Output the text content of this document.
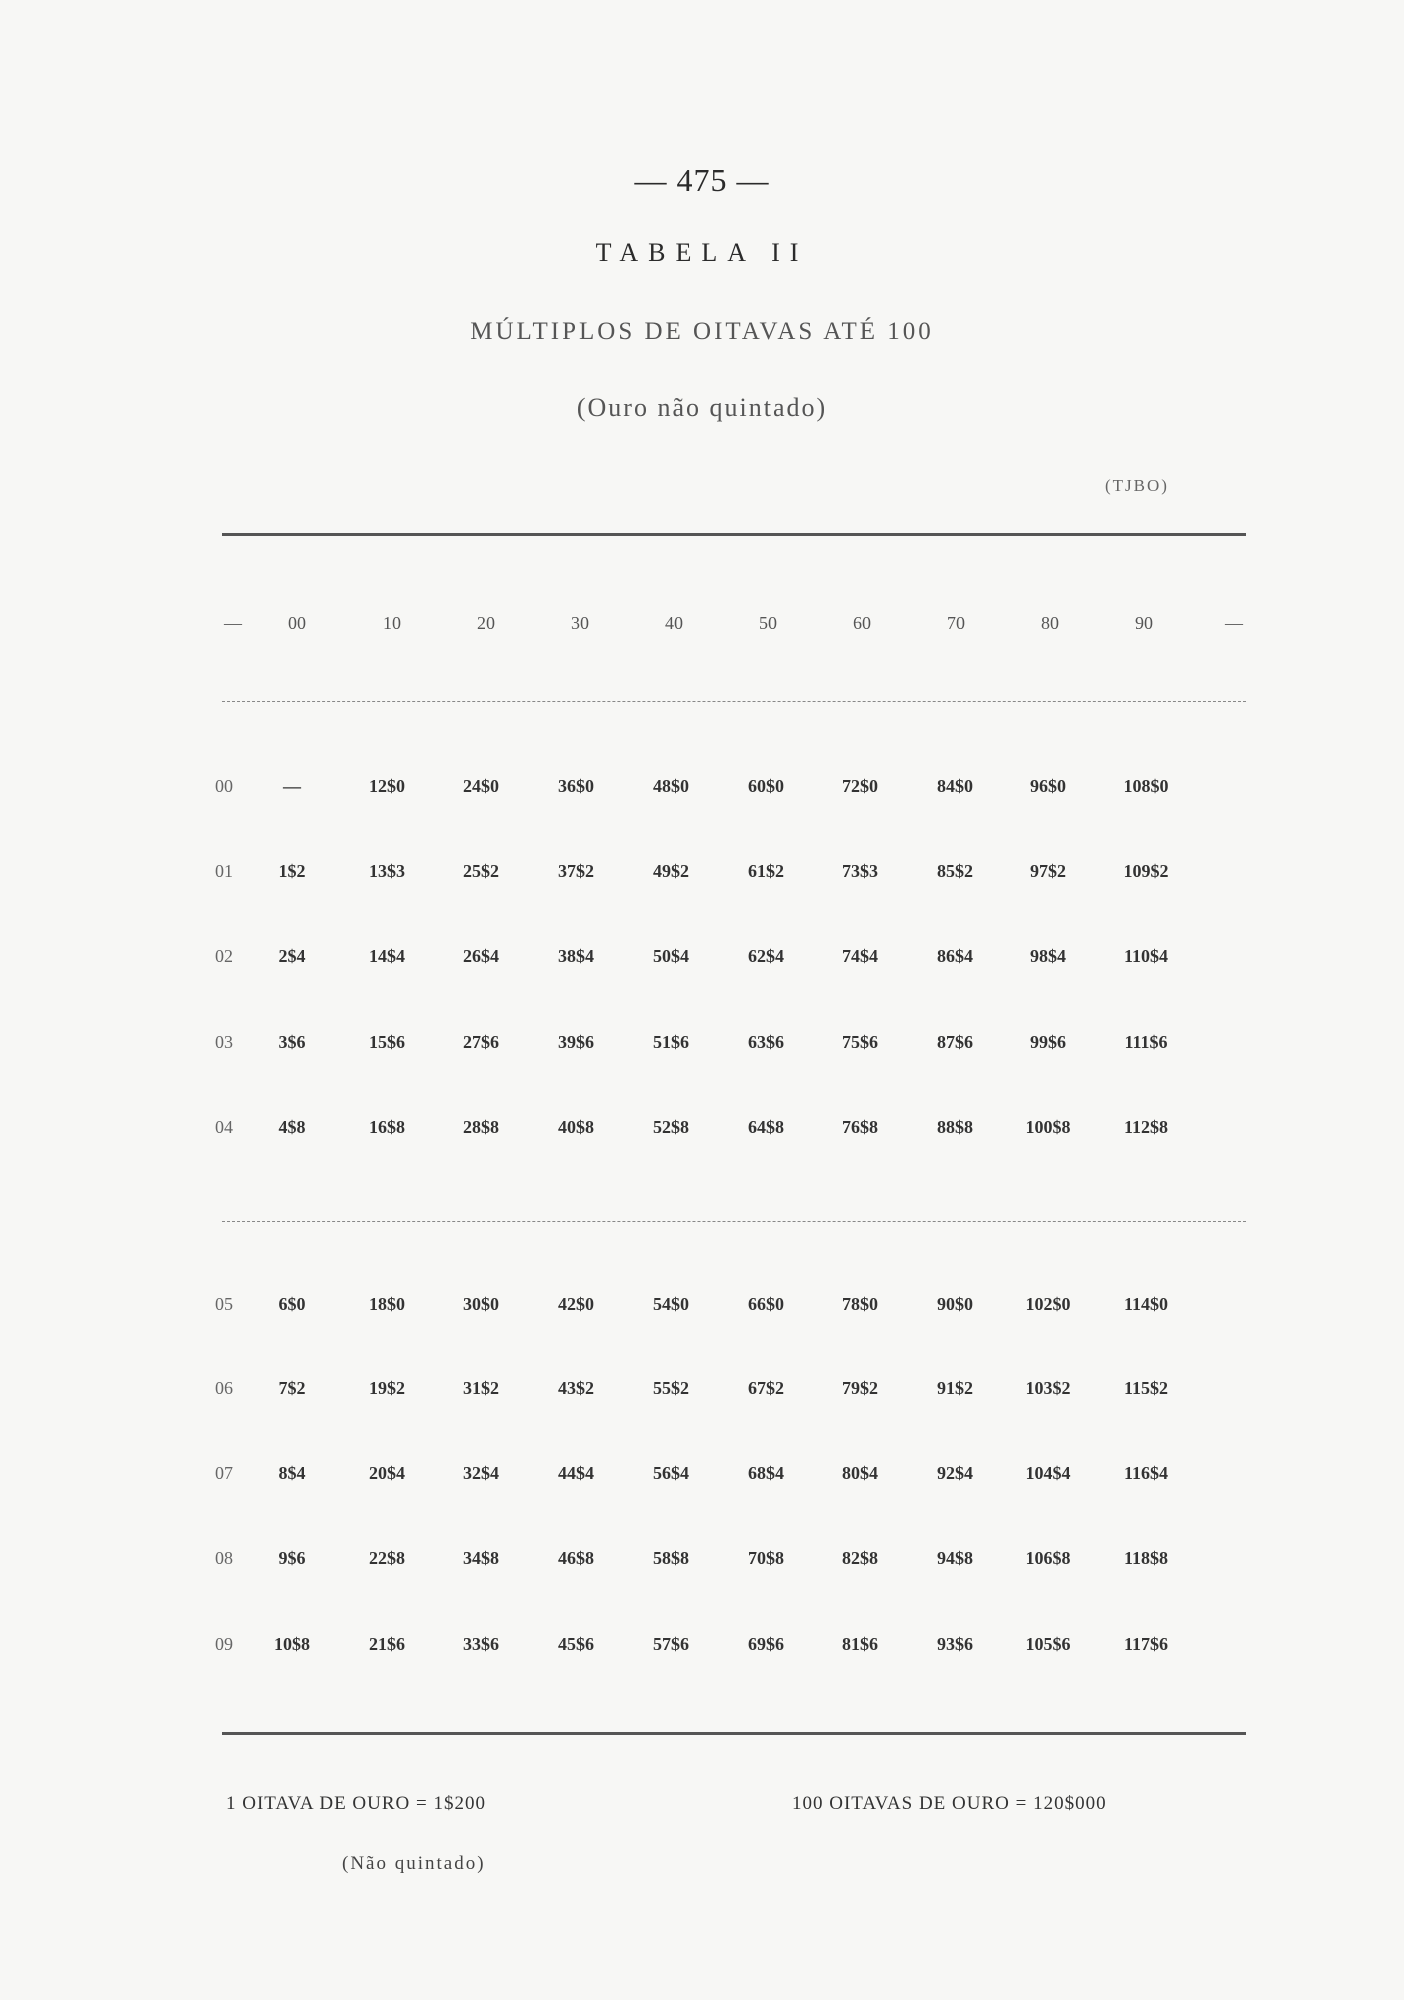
— 475 —
TABELA II
MÚLTIPLOS DE OITAVAS ATÉ 100
(Ouro não quintado)
(TJBO)
—	00	10	20	30	40	50	60	70	80	90	—
00	—	12$0	24$0	36$0	48$0	60$0	72$0	84$0	96$0	108$0
01	1$2	13$3	25$2	37$2	49$2	61$2	73$3	85$2	97$2	109$2
02	2$4	14$4	26$4	38$4	50$4	62$4	74$4	86$4	98$4	110$4
03	3$6	15$6	27$6	39$6	51$6	63$6	75$6	87$6	99$6	111$6
04	4$8	16$8	28$8	40$8	52$8	64$8	76$8	88$8	100$8	112$8
05	6$0	18$0	30$0	42$0	54$0	66$0	78$0	90$0	102$0	114$0
06	7$2	19$2	31$2	43$2	55$2	67$2	79$2	91$2	103$2	115$2
07	8$4	20$4	32$4	44$4	56$4	68$4	80$4	92$4	104$4	116$4
08	9$6	22$8	34$8	46$8	58$8	70$8	82$8	94$8	106$8	118$8
09	10$8	21$6	33$6	45$6	57$6	69$6	81$6	93$6	105$6	117$6
1 OITAVA DE OURO = 1$200	100 OITAVAS DE OURO = 120$000
(Não quintado)
